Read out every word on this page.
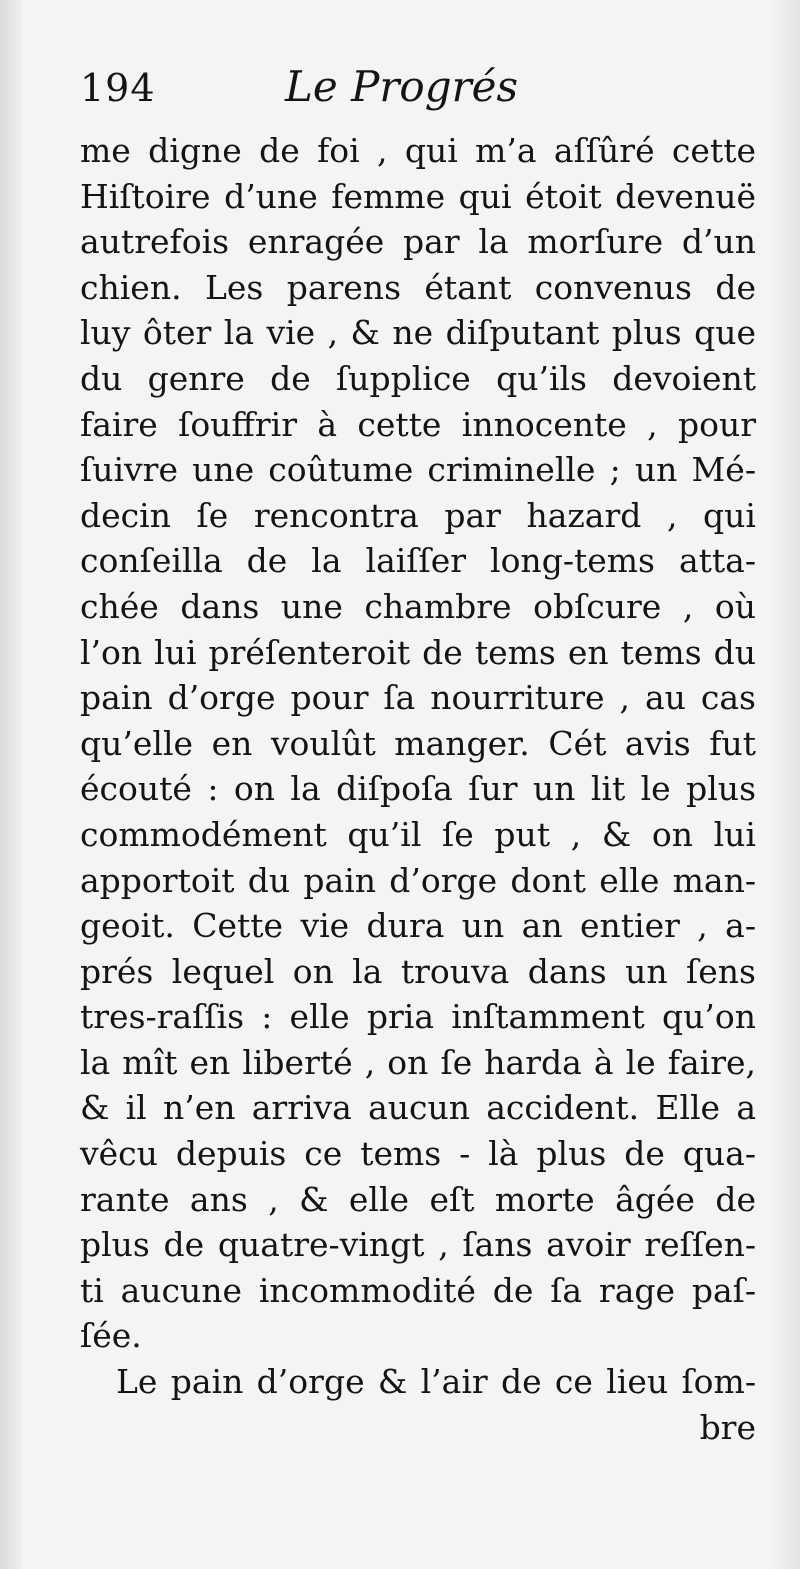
194	Le Progrés
me digne de foi , qui m’a aſſûré cette
Hiſtoire d’une femme qui étoit devenuë
autrefois enragée par la morſure d’un
chien. Les parens étant convenus de
luy ôter la vie , & ne diſputant plus que
du genre de ſupplice qu’ils devoient
faire ſouffrir à cette innocente , pour
ſuivre une coûtume criminelle ; un Mé-
decin ſe rencontra par hazard , qui
conſeilla de la laiſſer long-tems atta-
chée dans une chambre obſcure , où
l’on lui préſenteroit de tems en tems du
pain d’orge pour ſa nourriture , au cas
qu’elle en voulût manger. Cét avis fut
écouté : on la diſpoſa ſur un lit le plus
commodément qu’il ſe put , & on lui
apportoit du pain d’orge dont elle man-
geoit. Cette vie dura un an entier , a-
prés lequel on la trouva dans un ſens
tres-raſſis : elle pria inſtamment qu’on
la mît en liberté , on ſe harda à le faire,
& il n’en arriva aucun accident. Elle a
vêcu depuis ce tems - là plus de qua-
rante ans , & elle eſt morte âgée de
plus de quatre-vingt , ſans avoir reſſen-
ti aucune incommodité de ſa rage paſ-
ſée.
Le pain d’orge & l’air de ce lieu ſom-
bre
